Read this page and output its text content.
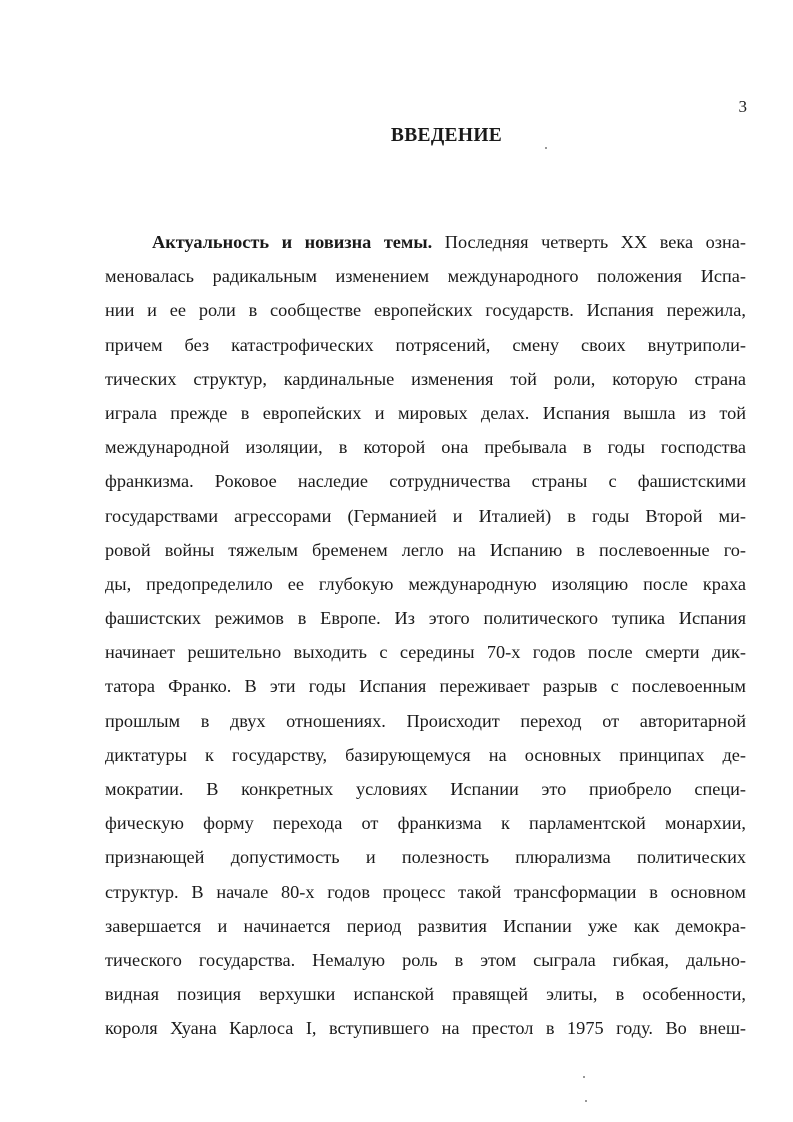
3
ВВЕДЕНИЕ
Актуальность и новизна темы. Последняя четверть XX века озна-
меновалась радикальным изменением международного положения Испа-
нии и ее роли в сообществе европейских государств. Испания пережила,
причем без катастрофических потрясений, смену своих внутриполи-
тических структур, кардинальные изменения той роли, которую страна
играла прежде в европейских и мировых делах. Испания вышла из той
международной изоляции, в которой она пребывала в годы господства
франкизма. Роковое наследие сотрудничества страны с фашистскими
государствами агрессорами (Германией и Италией) в годы Второй ми-
ровой войны тяжелым бременем легло на Испанию в послевоенные го-
ды, предопределило ее глубокую международную изоляцию после краха
фашистских режимов в Европе. Из этого политического тупика Испания
начинает решительно выходить с середины 70-х годов после смерти дик-
татора Франко. В эти годы Испания переживает разрыв с послевоенным
прошлым в двух отношениях. Происходит переход от авторитарной
диктатуры к государству, базирующемуся на основных принципах де-
мократии. В конкретных условиях Испании это приобрело специ-
фическую форму перехода от франкизма к парламентской монархии,
признающей допустимость и полезность плюрализма политических
структур. В начале 80-х годов процесс такой трансформации в основном
завершается и начинается период развития Испании уже как демокра-
тического государства. Немалую роль в этом сыграла гибкая, дально-
видная позиция верхушки испанской правящей элиты, в особенности,
короля Хуана Карлоса I, вступившего на престол в 1975 году. Во внеш-
